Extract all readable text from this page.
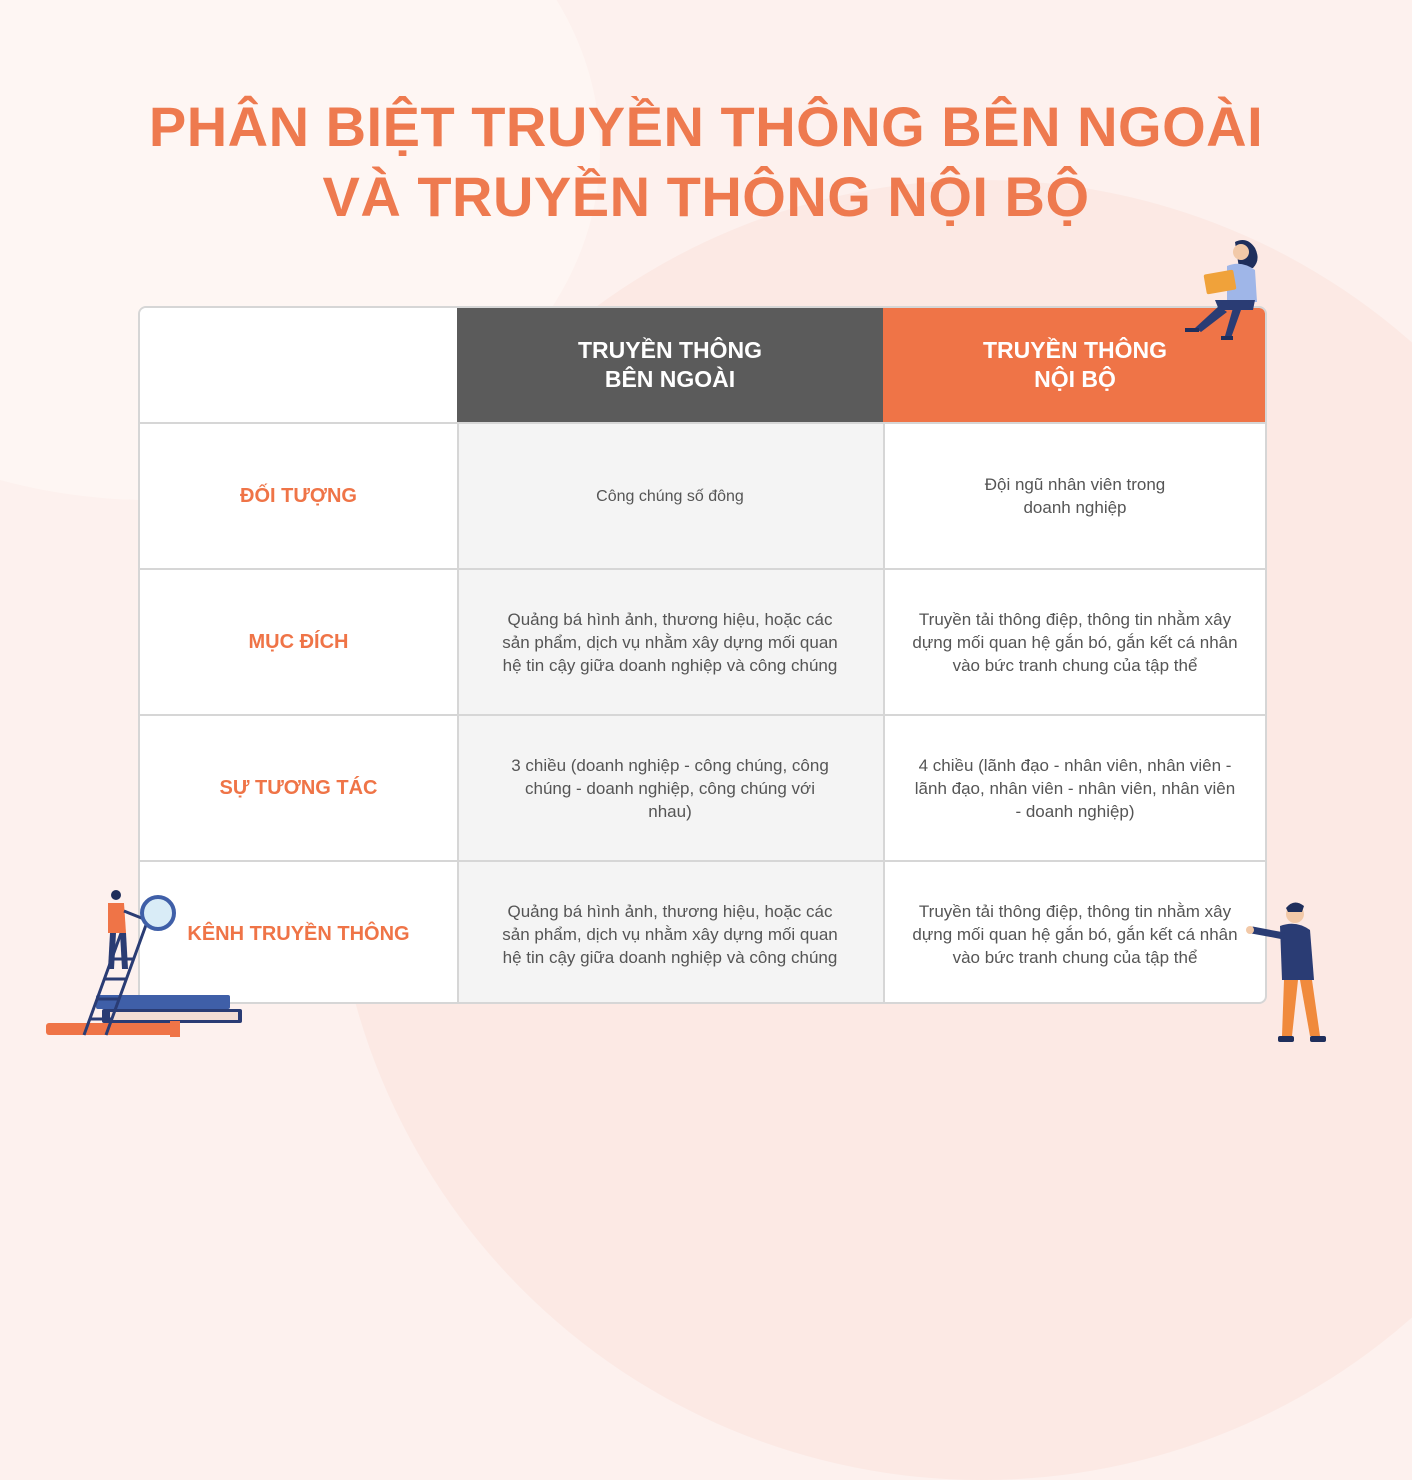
PHÂN BIỆT TRUYỀN THÔNG BÊN NGOÀI
VÀ TRUYỀN THÔNG NỘI BỘ
TRUYỀN THÔNG
BÊN NGOÀI
TRUYỀN THÔNG
NỘI BỘ
ĐỐI TƯỢNG	Công chúng số đông
Đội ngũ nhân viên trong doanh nghiệp
MỤC ĐÍCH
Quảng bá hình ảnh, thương hiệu, hoặc các sản phẩm, dịch vụ nhằm xây dựng mối quan hệ tin cậy giữa doanh nghiệp và công chúng
Truyền tải thông điệp, thông tin nhằm xây dựng mối quan hệ gắn bó, gắn kết cá nhân vào bức tranh chung của tập thể
SỰ TƯƠNG TÁC
3 chiều (doanh nghiệp - công chúng, công chúng - doanh nghiệp, công chúng với nhau)
4 chiều (lãnh đạo - nhân viên, nhân viên - lãnh đạo, nhân viên - nhân viên, nhân viên - doanh nghiệp)
KÊNH TRUYỀN THÔNG
Quảng bá hình ảnh, thương hiệu, hoặc các sản phẩm, dịch vụ nhằm xây dựng mối quan hệ tin cậy giữa doanh nghiệp và công chúng
Truyền tải thông điệp, thông tin nhằm xây dựng mối quan hệ gắn bó, gắn kết cá nhân vào bức tranh chung của tập thể
